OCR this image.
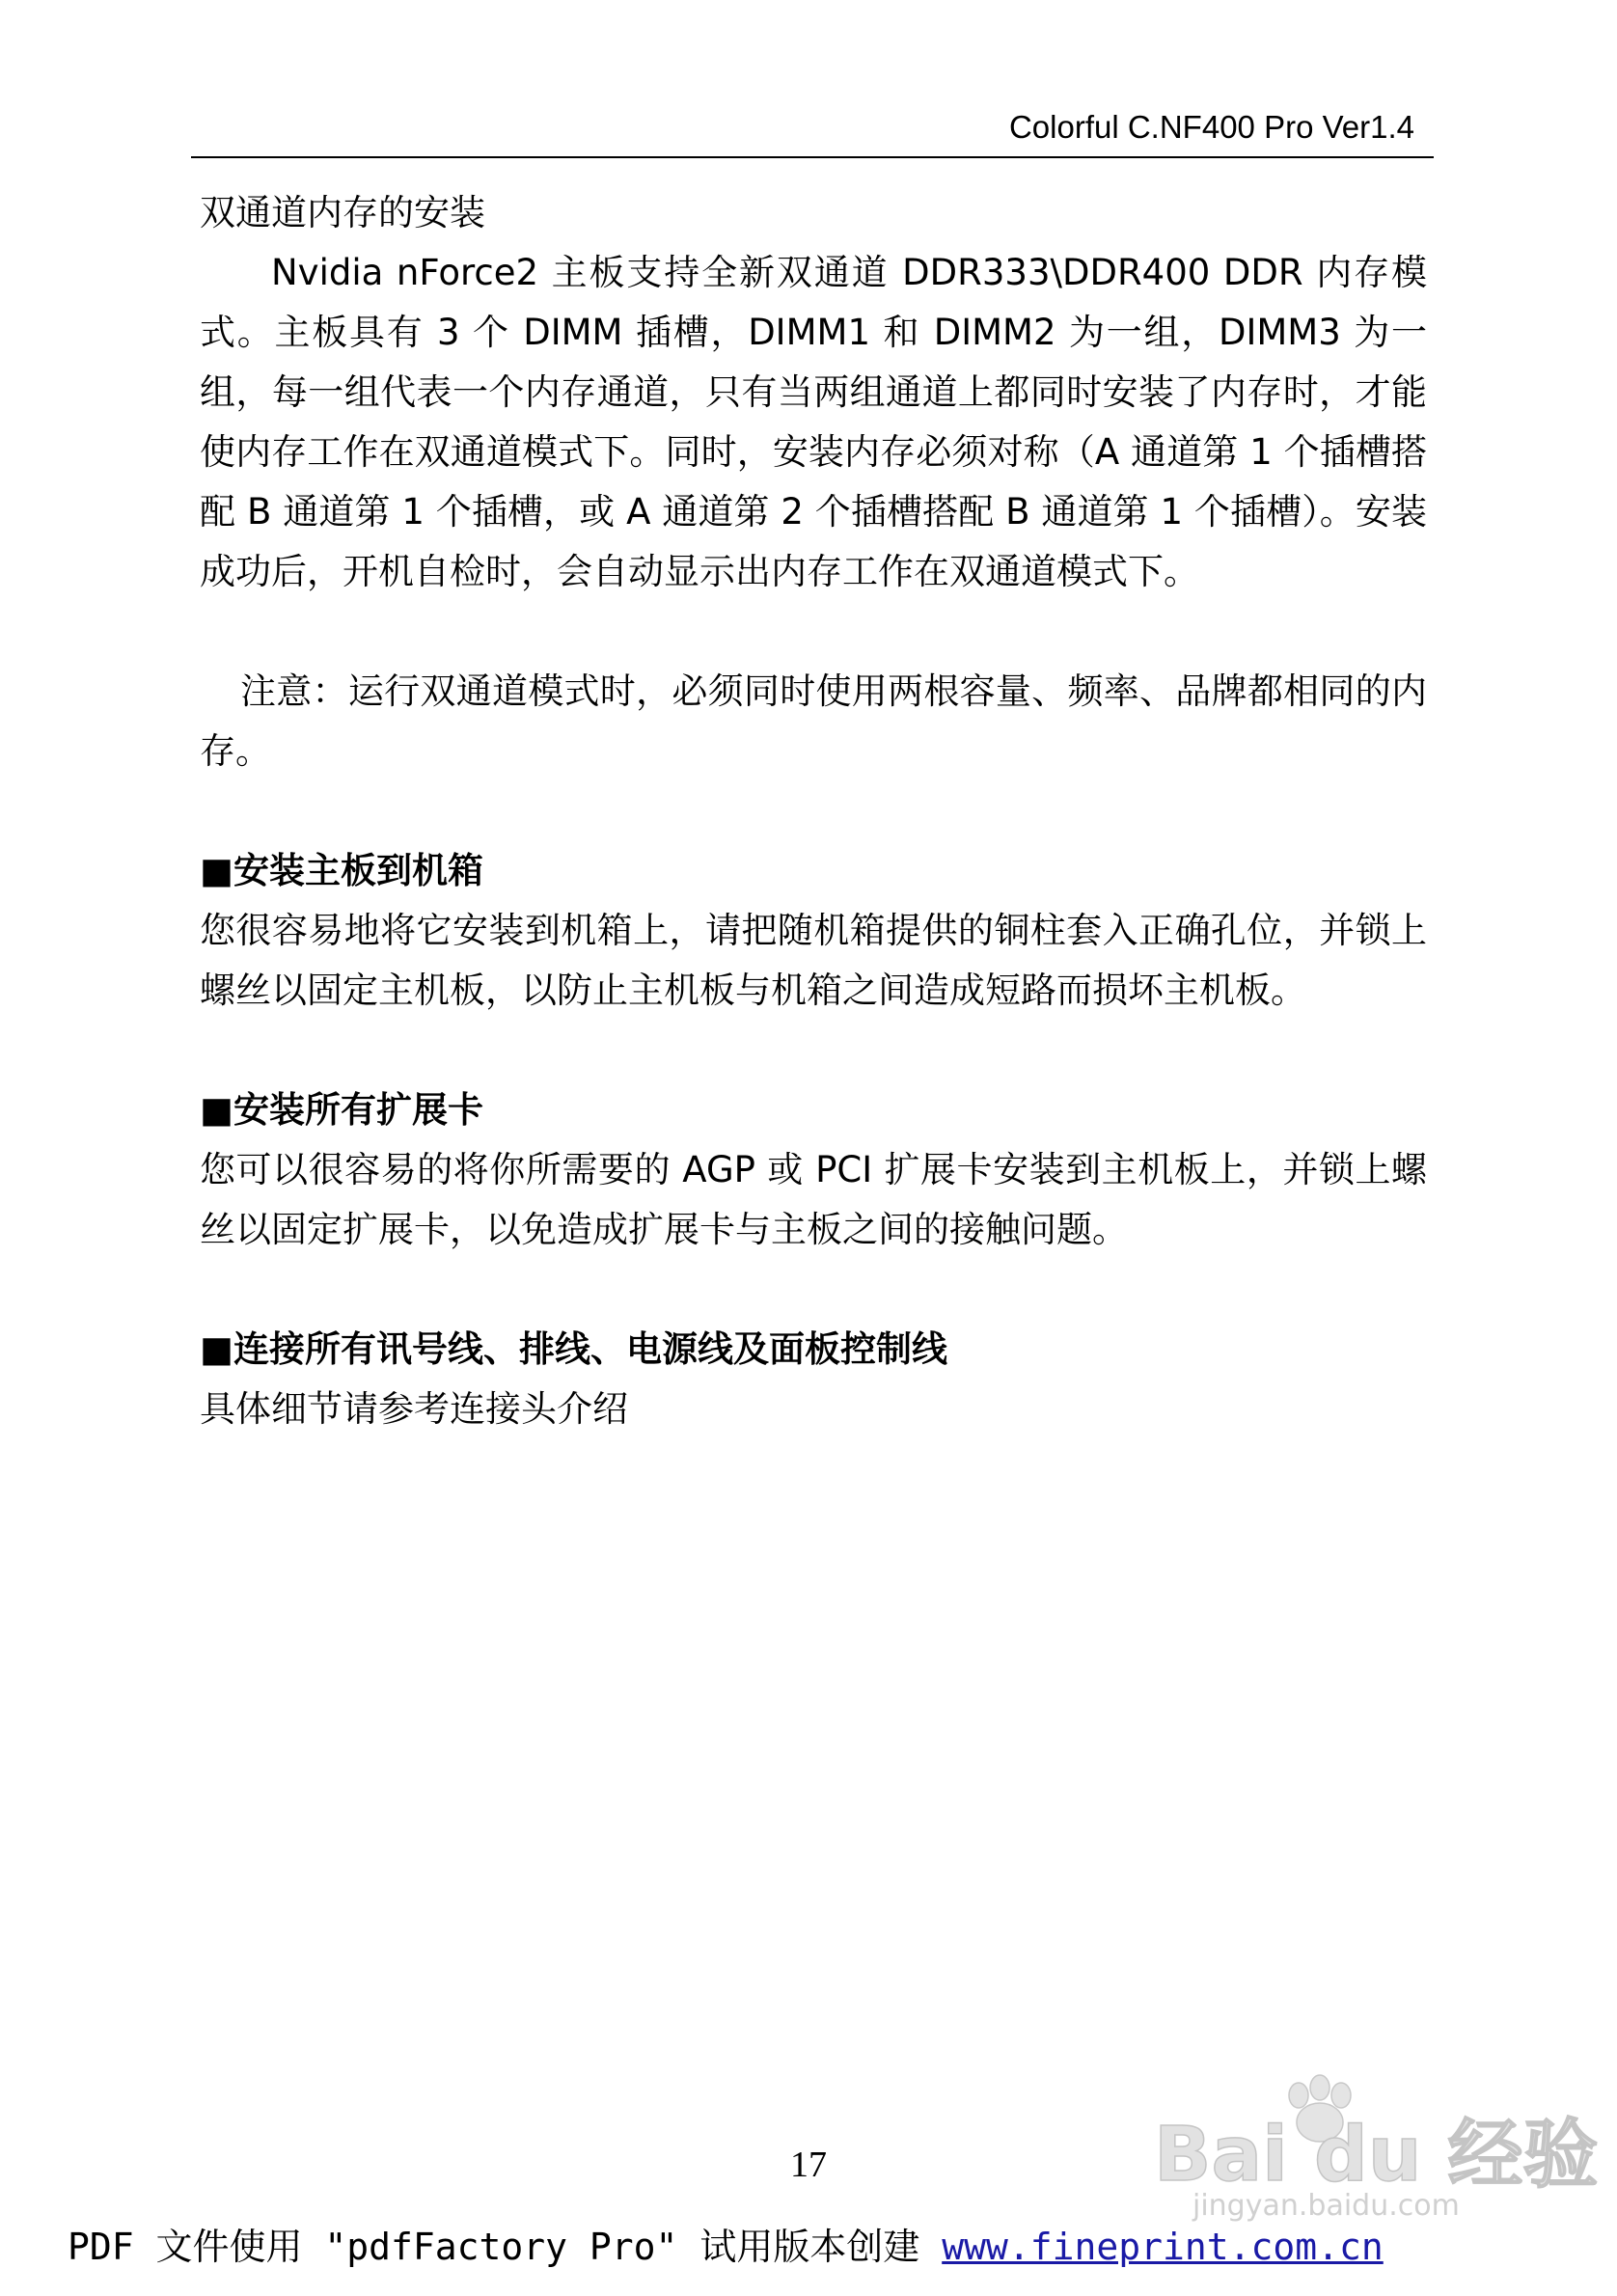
Colorful C.NF400 Pro Ver1.4

双通道内存的安装

Nvidia nForce2 主板支持全新双通道 DDR333\DDR400 DDR 内存模式。主板具有 3 个 DIMM 插槽，DIMM1 和 DIMM2 为一组，DIMM3 为一组，每一组代表一个内存通道，只有当两组通道上都同时安装了内存时，才能使内存工作在双通道模式下。同时，安装内存必须对称（A 通道第 1 个插槽搭配 B 通道第 1 个插槽，或 A 通道第 2 个插槽搭配 B 通道第 1 个插槽）。安装成功后，开机自检时，会自动显示出内存工作在双通道模式下。

注意：运行双通道模式时，必须同时使用两根容量、频率、品牌都相同的内存。

■安装主板到机箱

您很容易地将它安装到机箱上，请把随机箱提供的铜柱套入正确孔位，并锁上螺丝以固定主机板，以防止主机板与机箱之间造成短路而损坏主机板。

■安装所有扩展卡

您可以很容易的将你所需要的 AGP 或 PCI 扩展卡安装到主机板上，并锁上螺丝以固定扩展卡，以免造成扩展卡与主板之间的接触问题。

■连接所有讯号线、排线、电源线及面板控制线

具体细节请参考连接头介绍

17	Bai du 经验
jingyan.baidu.com
PDF 文件使用 "pdfFactory Pro" 试用版本创建 www.fineprint.com.cn
